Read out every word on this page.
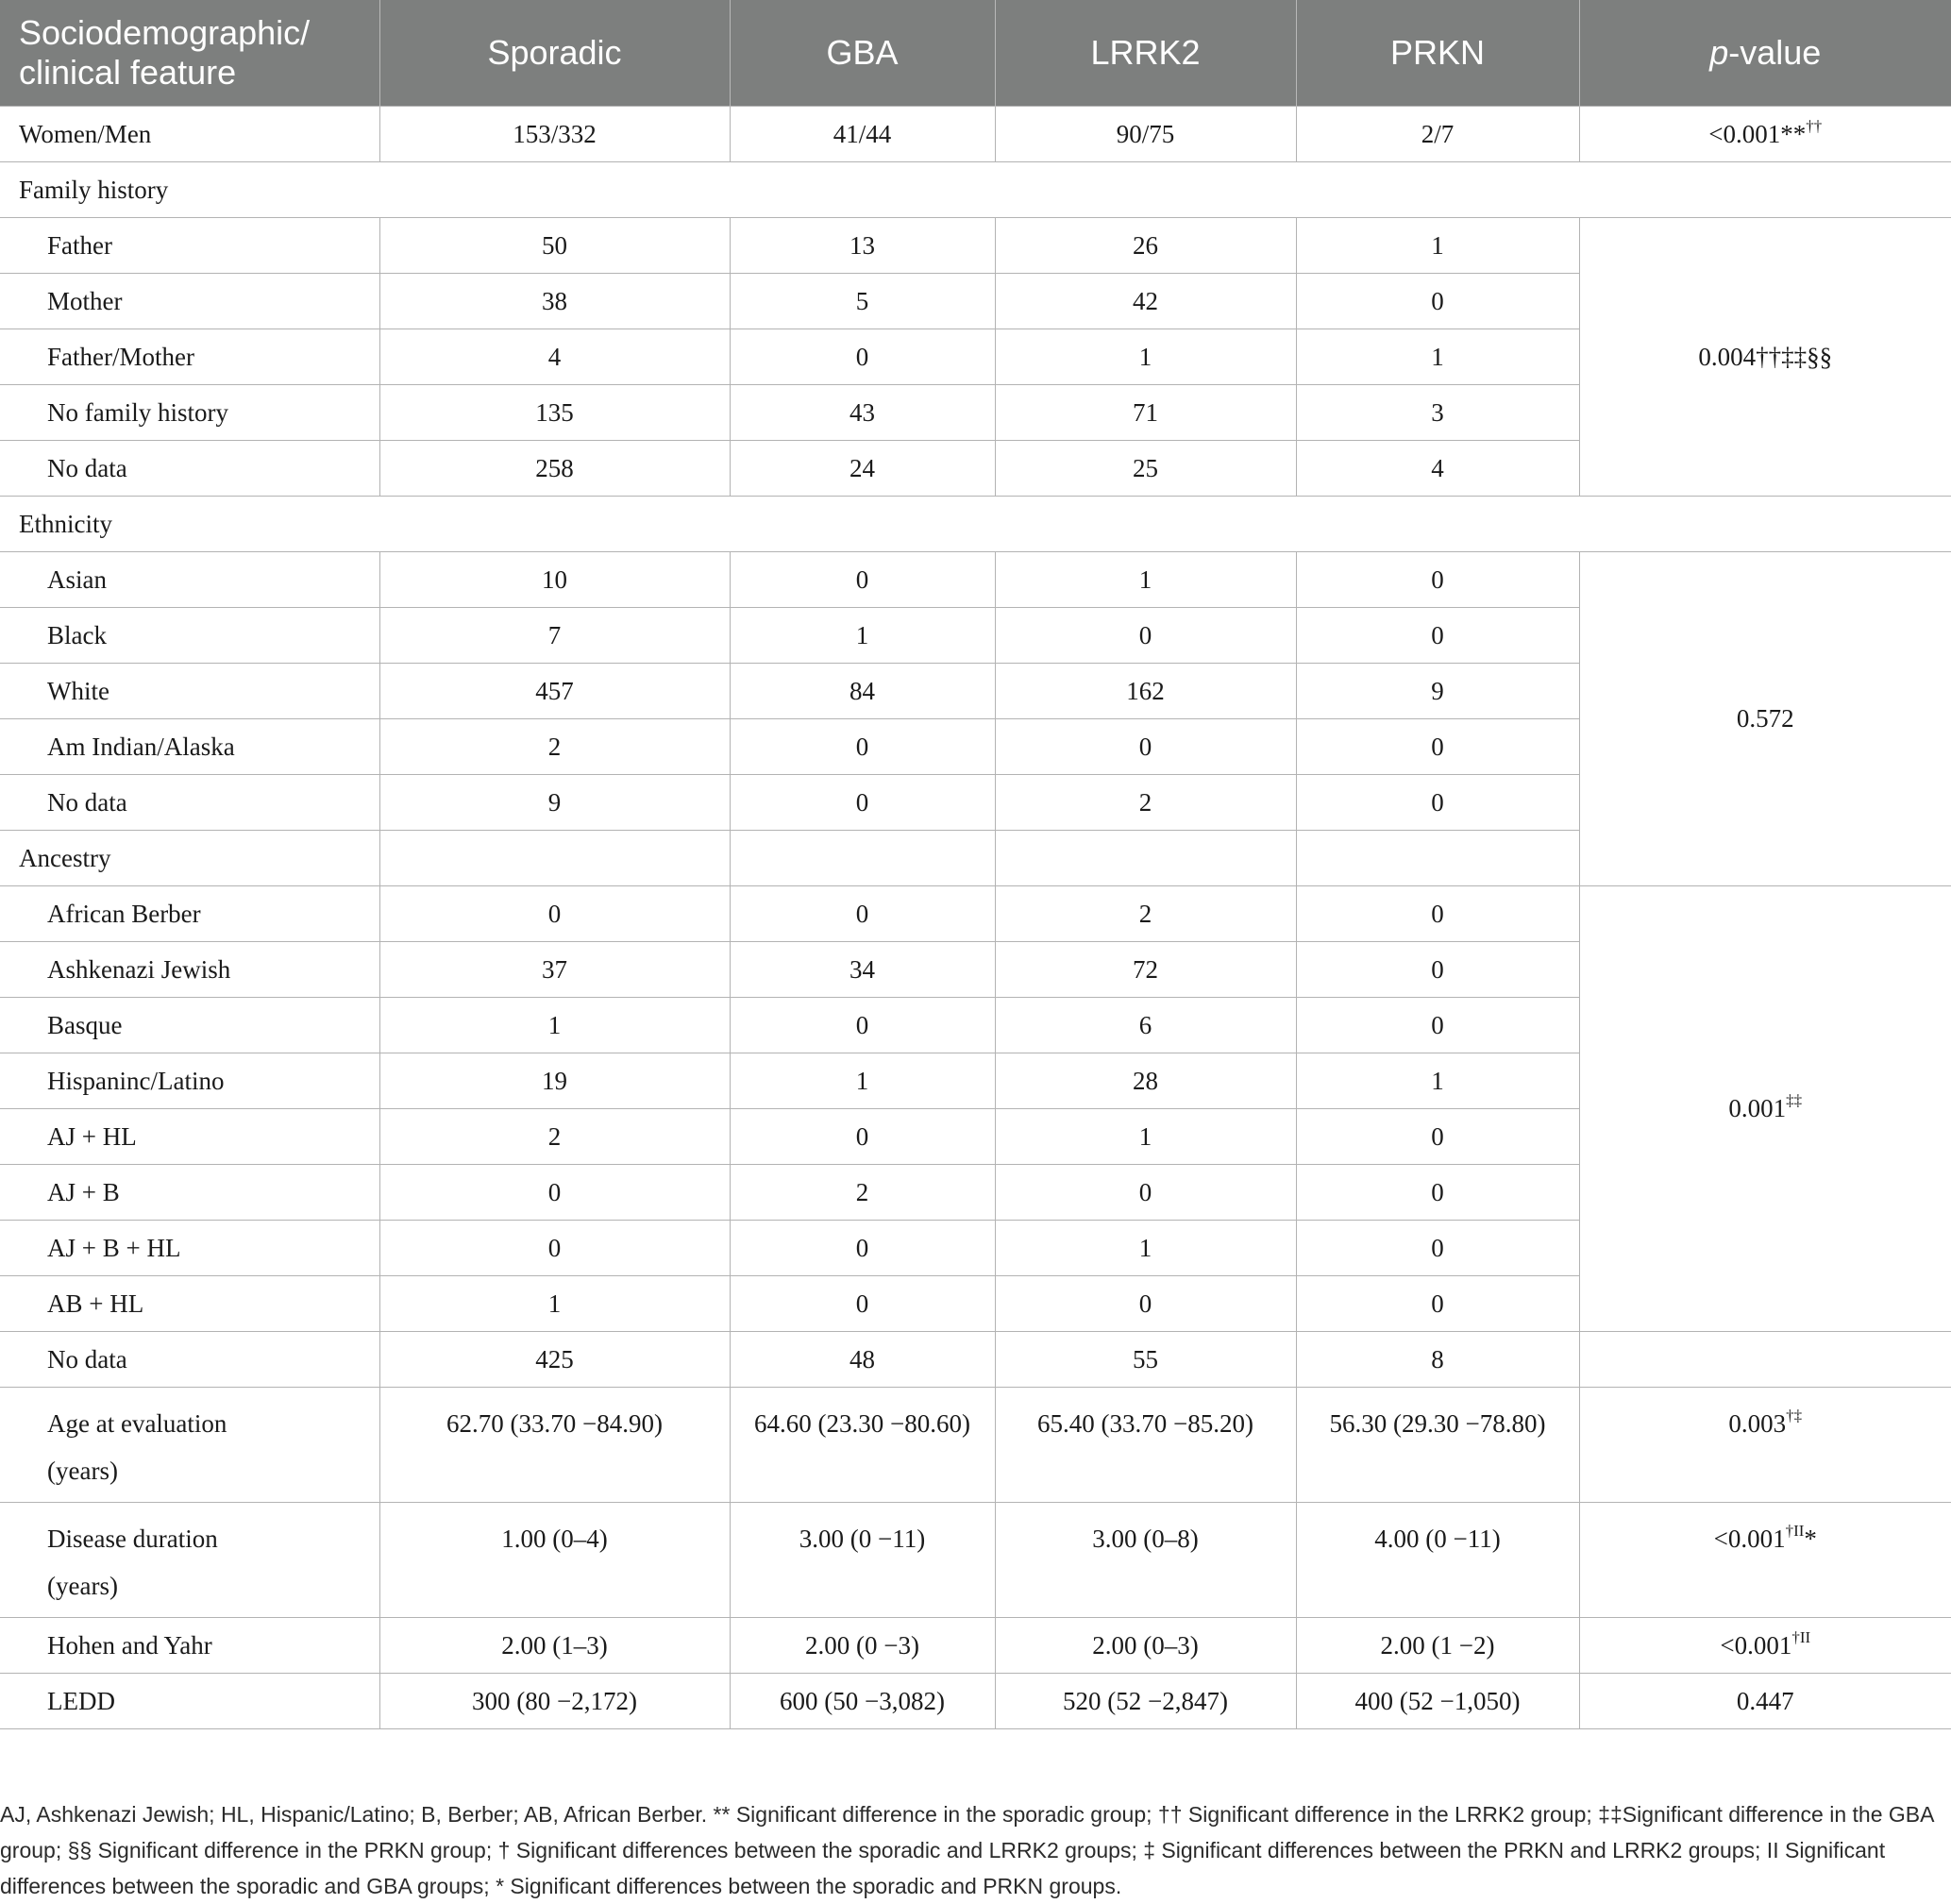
Sociodemographic/ clinical feature	Sporadic	GBA	LRRK2	PRKN	p-value
Women/Men	153/332	41/44	90/75	2/7	<0.001**††
Family history					
Father	50	13	26	1	0.004††‡‡§§
Mother	38	5	42	0	
Father/Mother	4	0	1	1	
No family history	135	43	71	3	
No data	258	24	25	4	
Ethnicity					
Asian	10	0	1	0	0.572
Black	7	1	0	0	
White	457	84	162	9	
Am Indian/Alaska	2	0	0	0	
No data	9	0	2	0	
Ancestry					
African Berber	0	0	2	0	0.001‡‡
Ashkenazi Jewish	37	34	72	0	
Basque	1	0	6	0	
Hispaninc/Latino	19	1	28	1	
AJ + HL	2	0	1	0	
AJ + B	0	2	0	0	
AJ + B + HL	0	0	1	0	
AB + HL	1	0	0	0	
No data	425	48	55	8	
Age at evaluation
(years)	62.70 (33.70 −84.90)	64.60 (23.30 −80.60)	65.40 (33.70 −85.20)	56.30 (29.30 −78.80)	0.003†‡
Disease duration
(years)	1.00 (0–4)	3.00 (0 −11)	3.00 (0–8)	4.00 (0 −11)	$<0.001^{\dagger II}*$
Hohen and Yahr	2.00 (1–3)	2.00 (0 −3)	2.00 (0–3)	2.00 (1 −2)	$<0.001^{\dagger II}$
LEDD	300 (80 −2,172)	600 (50 −3,082)	520 (52 −2,847)	400 (52 −1,050)	0.447

AJ, Ashkenazi Jewish; HL, Hispanic/Latino; B, Berber; AB, African Berber. ** Significant difference in the sporadic group; †† Significant difference in the LRRK2 group; ‡‡Significant difference in the GBA group; §§ Significant difference in the PRKN group; † Significant differences between the sporadic and LRRK2 groups; ‡ Significant differences between the PRKN and LRRK2 groups; II Significant differences between the sporadic and GBA groups; * Significant differences between the sporadic and PRKN groups.
